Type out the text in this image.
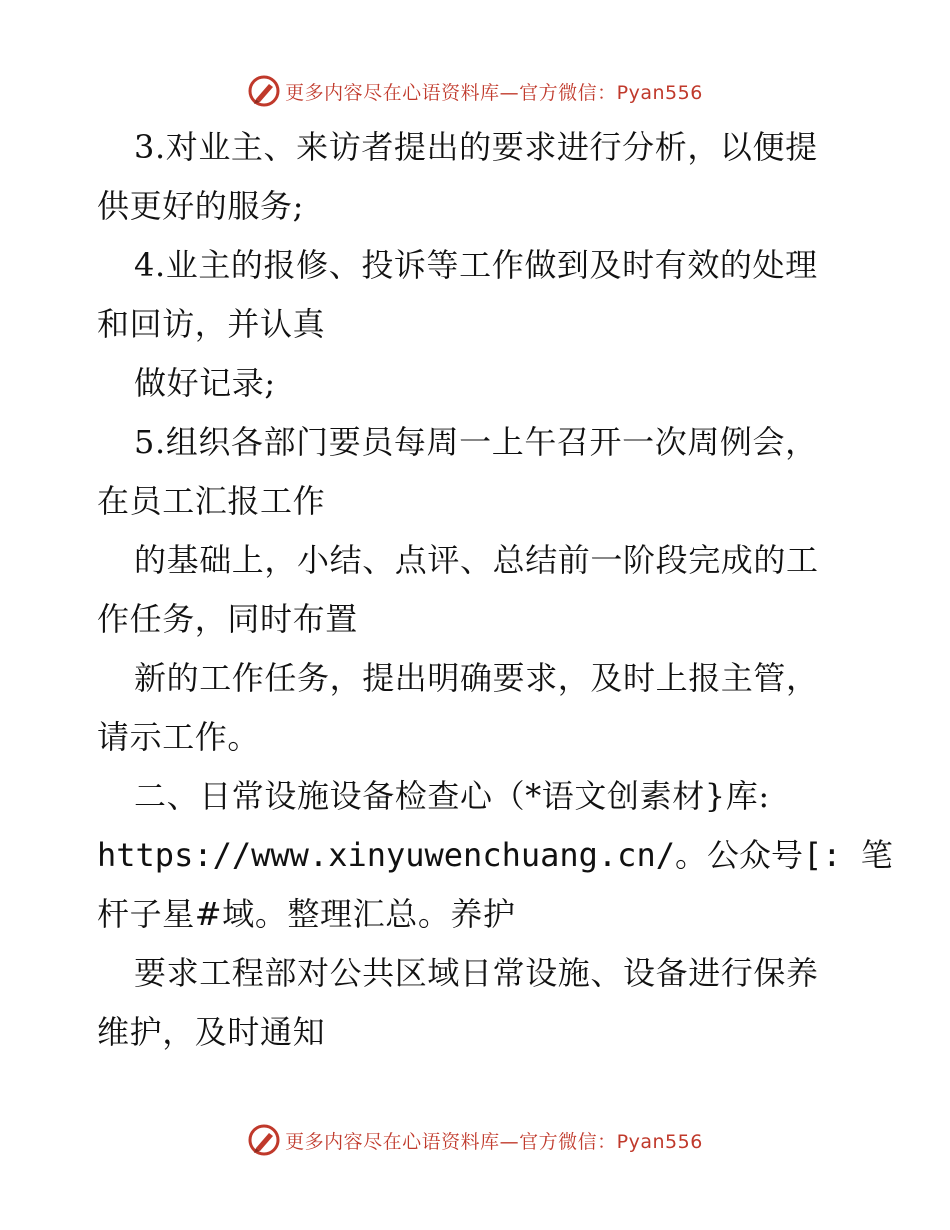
更多内容尽在心语资料库—官方微信：Pyan556
3.对业主、来访者提出的要求进行分析，以便提
供更好的服务;
4.业主的报修、投诉等工作做到及时有效的处理
和回访，并认真
做好记录;
5.组织各部门要员每周一上午召开一次周例会，
在员工汇报工作
的基础上，小结、点评、总结前一阶段完成的工
作任务，同时布置
新的工作任务，提出明确要求，及时上报主管，
请示工作。
二、日常设施设备检查心（*语文创素材}库:
https://www.xinyuwenchuang.cn/。公众号[: 笔
杆子星#域。整理汇总。养护
要求工程部对公共区域日常设施、设备进行保养
维护，及时通知
更多内容尽在心语资料库—官方微信：Pyan556
